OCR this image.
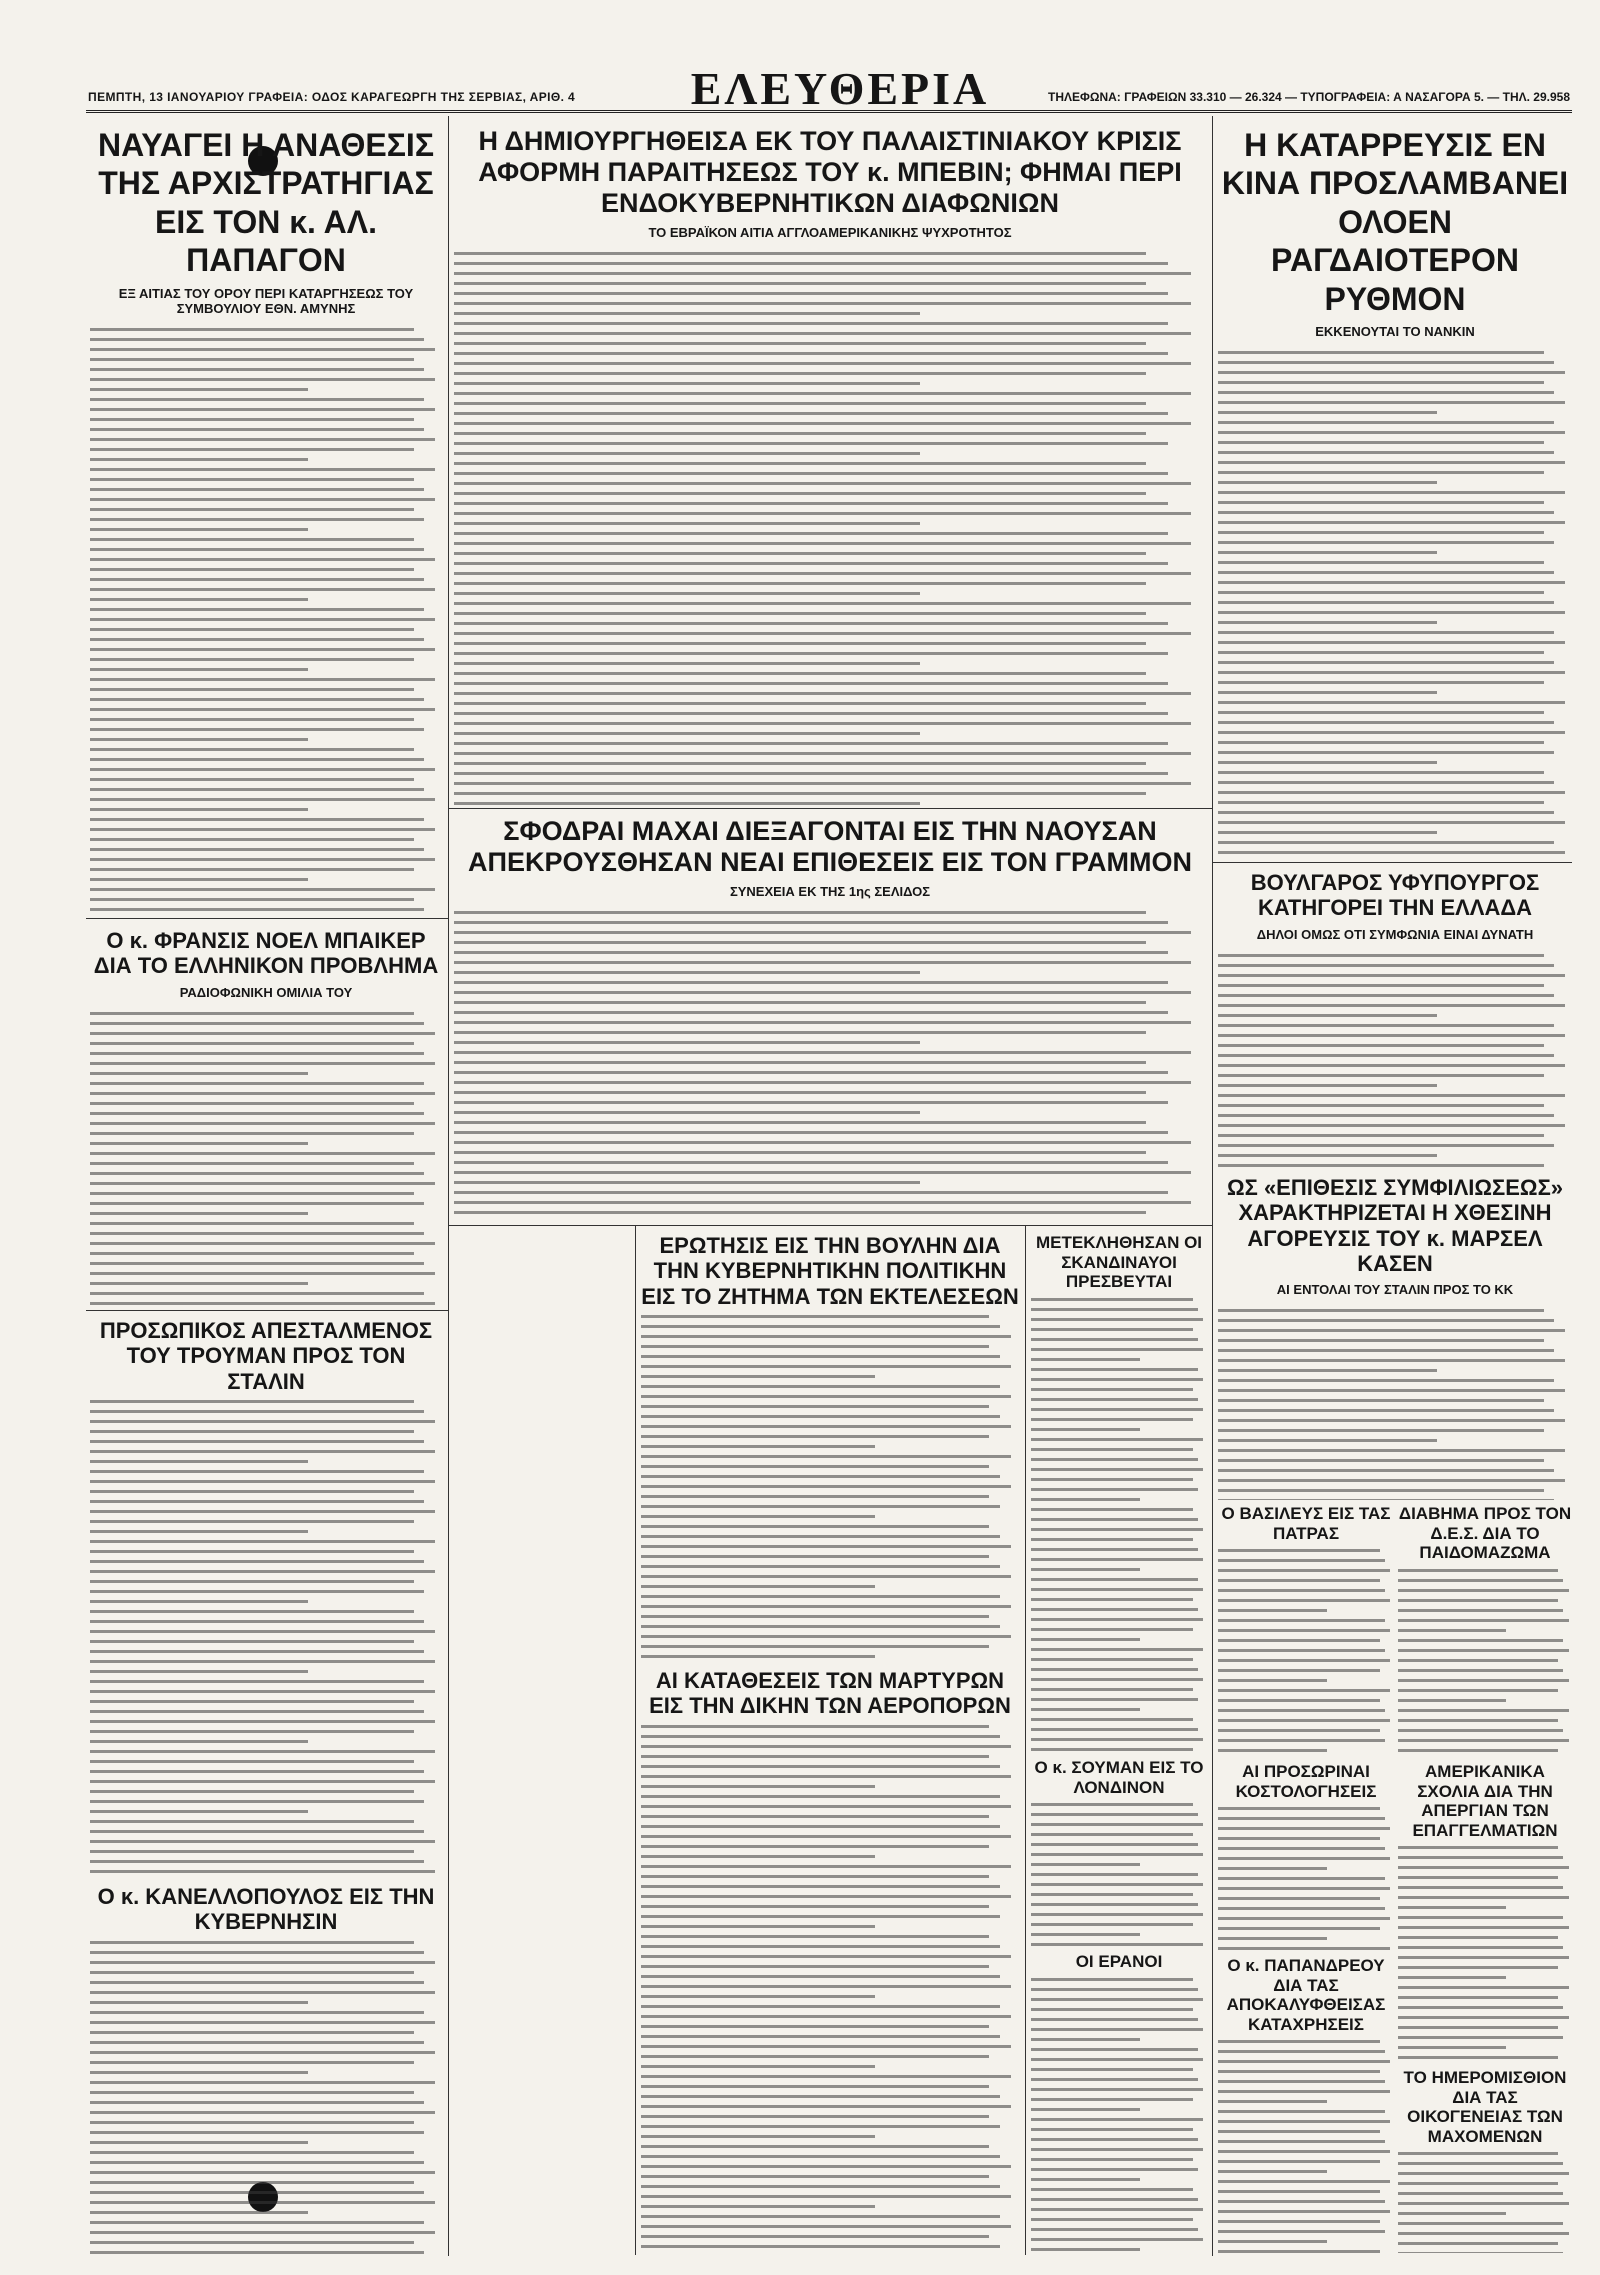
ΠΕΜΠΤΗ, 13 ΙΑΝΟΥΑΡΙΟΥ ΓΡΑΦΕΙΑ: ΟΔΟΣ ΚΑΡΑΓΕΩΡΓΗ ΤΗΣ ΣΕΡΒΙΑΣ, ΑΡΙΘ. 4	ΕΛΕΥΘΕΡΙΑ	ΤΗΛΕΦΩΝΑ: ΓΡΑΦΕΙΩΝ 33.310 — 26.324 — ΤΥΠΟΓΡΑΦΕΙΑ: Α ΝΑΣΑΓΟΡΑ 5. — ΤΗΛ. 29.958
ΝΑΥΑΓΕΙ Η ΑΝΑΘΕΣΙΣ ΤΗΣ ΑΡΧΙΣΤΡΑΤΗΓΙΑΣ ΕΙΣ ΤΟΝ κ. ΑΛ. ΠΑΠΑΓΟΝ
ΕΞ ΑΙΤΙΑΣ ΤΟΥ ΟΡΟΥ ΠΕΡΙ ΚΑΤΑΡΓΗΣΕΩΣ ΤΟΥ ΣΥΜΒΟΥΛΙΟΥ ΕΘΝ. ΑΜΥΝΗΣ
Ο κ. ΦΡΑΝΣΙΣ ΝΟΕΛ ΜΠΑΙΚΕΡ ΔΙΑ ΤΟ ΕΛΛΗΝΙΚΟΝ ΠΡΟΒΛΗΜΑ
ΡΑΔΙΟΦΩΝΙΚΗ ΟΜΙΛΙΑ ΤΟΥ
ΠΡΟΣΩΠΙΚΟΣ ΑΠΕΣΤΑΛΜΕΝΟΣ ΤΟΥ ΤΡΟΥΜΑΝ ΠΡΟΣ ΤΟΝ ΣΤΑΛΙΝ
Ο κ. ΚΑΝΕΛΛΟΠΟΥΛΟΣ ΕΙΣ ΤΗΝ ΚΥΒΕΡΝΗΣΙΝ
Η ΔΗΜΙΟΥΡΓΗΘΕΙΣΑ ΕΚ ΤΟΥ ΠΑΛΑΙΣΤΙΝΙΑΚΟΥ ΚΡΙΣΙΣ ΑΦΟΡΜΗ ΠΑΡΑΙΤΗΣΕΩΣ ΤΟΥ κ. ΜΠΕΒΙΝ; ΦΗΜΑΙ ΠΕΡΙ ΕΝΔΟΚΥΒΕΡΝΗΤΙΚΩΝ ΔΙΑΦΩΝΙΩΝ
ΤΟ ΕΒΡΑΪΚΟΝ ΑΙΤΙΑ ΑΓΓΛΟΑΜΕΡΙΚΑΝΙΚΗΣ ΨΥΧΡΟΤΗΤΟΣ
ΣΦΟΔΡΑΙ ΜΑΧΑΙ ΔΙΕΞΑΓΟΝΤΑΙ ΕΙΣ ΤΗΝ ΝΑΟΥΣΑΝ ΑΠΕΚΡΟΥΣΘΗΣΑΝ ΝΕΑΙ ΕΠΙΘΕΣΕΙΣ ΕΙΣ ΤΟΝ ΓΡΑΜΜΟΝ
ΣΥΝΕΧΕΙΑ ΕΚ ΤΗΣ 1ης ΣΕΛΙΔΟΣ
ΕΡΩΤΗΣΙΣ ΕΙΣ ΤΗΝ ΒΟΥΛΗΝ ΔΙΑ ΤΗΝ ΚΥΒΕΡΝΗΤΙΚΗΝ ΠΟΛΙΤΙΚΗΝ ΕΙΣ ΤΟ ΖΗΤΗΜΑ ΤΩΝ ΕΚΤΕΛΕΣΕΩΝ
ΑΙ ΚΑΤΑΘΕΣΕΙΣ ΤΩΝ ΜΑΡΤΥΡΩΝ ΕΙΣ ΤΗΝ ΔΙΚΗΝ ΤΩΝ ΑΕΡΟΠΟΡΩΝ
ΜΕΤΕΚΛΗΘΗΣΑΝ ΟΙ ΣΚΑΝΔΙΝΑΥΟΙ ΠΡΕΣΒΕΥΤΑΙ
Ο κ. ΣΟΥΜΑΝ ΕΙΣ ΤΟ ΛΟΝΔΙΝΟΝ
ΟΙ ΕΡΑΝΟΙ
Η ΚΑΤΑΡΡΕΥΣΙΣ ΕΝ ΚΙΝΑ ΠΡΟΣΛΑΜΒΑΝΕΙ ΟΛΟΕΝ ΡΑΓΔΑΙΟΤΕΡΟΝ ΡΥΘΜΟΝ
ΕΚΚΕΝΟΥΤΑΙ ΤΟ ΝΑΝΚΙΝ
ΒΟΥΛΓΑΡΟΣ ΥΦΥΠΟΥΡΓΟΣ ΚΑΤΗΓΟΡΕΙ ΤΗΝ ΕΛΛΑΔΑ
ΔΗΛΟΙ ΟΜΩΣ ΟΤΙ ΣΥΜΦΩΝΙΑ ΕΙΝΑΙ ΔΥΝΑΤΗ
ΩΣ «ΕΠΙΘΕΣΙΣ ΣΥΜΦΙΛΙΩΣΕΩΣ» ΧΑΡΑΚΤΗΡΙΖΕΤΑΙ Η ΧΘΕΣΙΝΗ ΑΓΟΡΕΥΣΙΣ ΤΟΥ κ. ΜΑΡΣΕΛ ΚΑΣΕΝ
ΑΙ ΕΝΤΟΛΑΙ ΤΟΥ ΣΤΑΛΙΝ ΠΡΟΣ ΤΟ ΚΚ
Ο ΒΑΣΙΛΕΥΣ ΕΙΣ ΤΑΣ ΠΑΤΡΑΣ
ΔΙΑΒΗΜΑ ΠΡΟΣ ΤΟΝ Δ.Ε.Σ. ΔΙΑ ΤΟ ΠΑΙΔΟΜΑΖΩΜΑ
ΑΙ ΠΡΟΣΩΡΙΝΑΙ ΚΟΣΤΟΛΟΓΗΣΕΙΣ
Ο κ. ΠΑΠΑΝΔΡΕΟΥ ΔΙΑ ΤΑΣ ΑΠΟΚΑΛΥΦΘΕΙΣΑΣ ΚΑΤΑΧΡΗΣΕΙΣ
ΑΜΕΡΙΚΑΝΙΚΑ ΣΧΟΛΙΑ ΔΙΑ ΤΗΝ ΑΠΕΡΓΙΑΝ ΤΩΝ ΕΠΑΓΓΕΛΜΑΤΙΩΝ
ΤΟ ΗΜΕΡΟΜΙΣΘΙΟΝ ΔΙΑ ΤΑΣ ΟΙΚΟΓΕΝΕΙΑΣ ΤΩΝ ΜΑΧΟΜΕΝΩΝ
